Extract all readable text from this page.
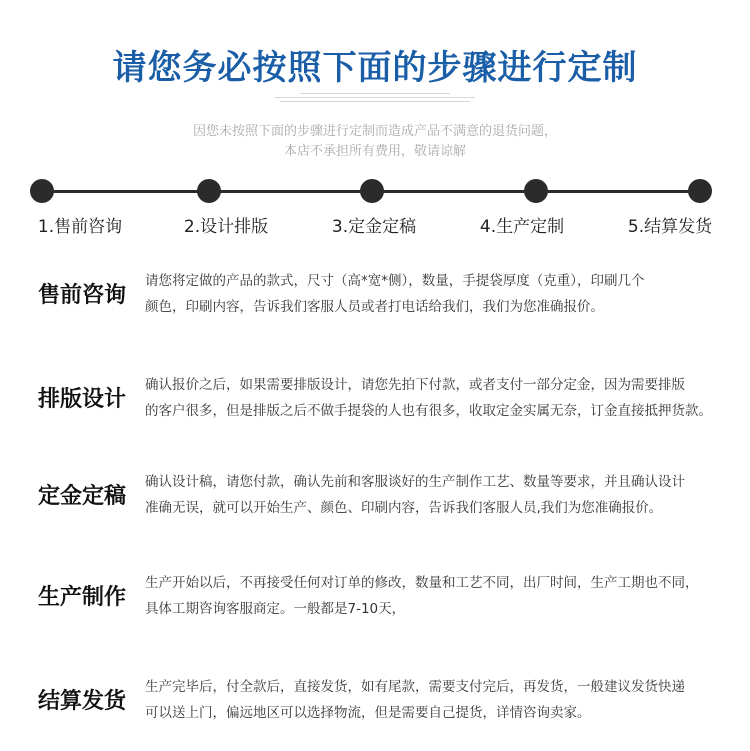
请您务必按照下面的步骤进行定制
因您未按照下面的步骤进行定制而造成产品不满意的退货问题，
本店不承担所有费用，敬请谅解
1.售前咨询	2.设计排版	3.定金定稿	4.生产定制	5.结算发货
售前咨询
请您将定做的产品的款式，尺寸（高*宽*侧），数量，手提袋厚度（克重），印刷几个
颜色，印刷内容，告诉我们客服人员或者打电话给我们，我们为您准确报价。
排版设计
确认报价之后，如果需要排版设计，请您先拍下付款，或者支付一部分定金，因为需要排版
的客户很多，但是排版之后不做手提袋的人也有很多，收取定金实属无奈，订金直接抵押货款。
定金定稿
确认设计稿，请您付款，确认先前和客服谈好的生产制作工艺、数量等要求，并且确认设计
准确无误，就可以开始生产、颜色、印刷内容，告诉我们客服人员,我们为您准确报价。
生产制作
生产开始以后，不再接受任何对订单的修改，数量和工艺不同，出厂时间，生产工期也不同，
具体工期咨询客服商定。一般都是7-10天，
结算发货
生产完毕后，付全款后，直接发货，如有尾款，需要支付完后，再发货，一般建议发货快递
可以送上门，偏远地区可以选择物流，但是需要自己提货，详情咨询卖家。
